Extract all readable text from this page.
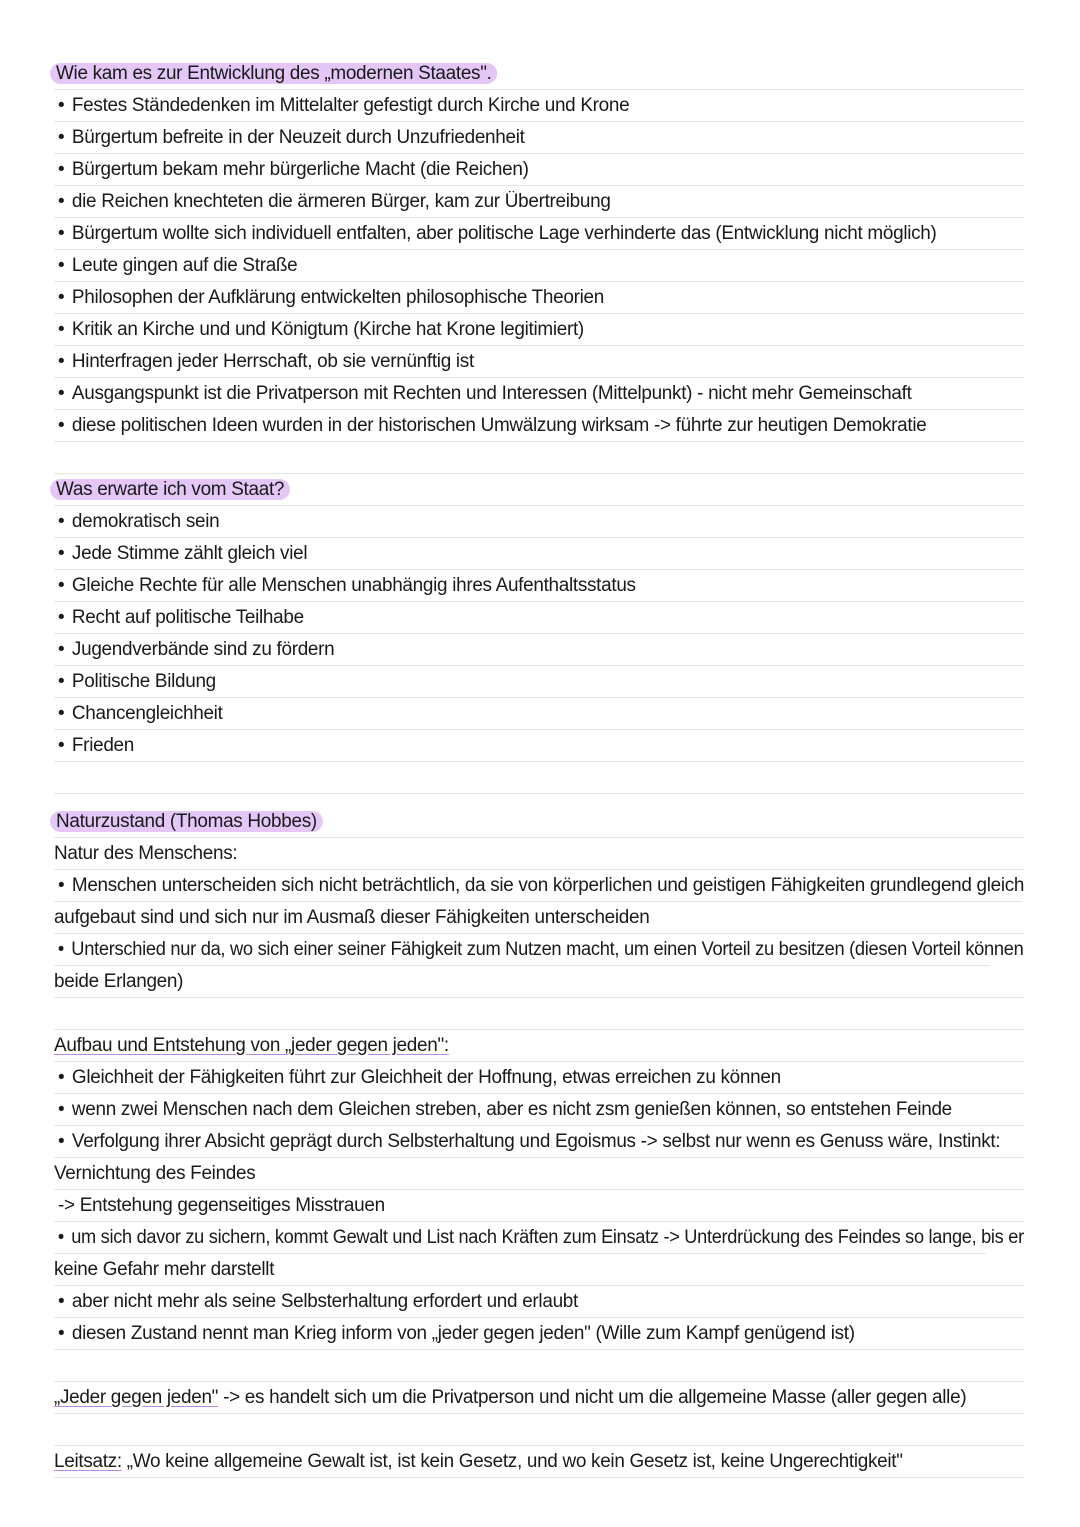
Wie kam es zur Entwicklung des „modernen Staates".
• Festes Ständedenken im Mittelalter gefestigt durch Kirche und Krone
• Bürgertum befreite in der Neuzeit durch Unzufriedenheit
• Bürgertum bekam mehr bürgerliche Macht (die Reichen)
• die Reichen knechteten die ärmeren Bürger, kam zur Übertreibung
• Bürgertum wollte sich individuell entfalten, aber politische Lage verhinderte das (Entwicklung nicht möglich)
• Leute gingen auf die Straße
• Philosophen der Aufklärung entwickelten philosophische Theorien
• Kritik an Kirche und und Königtum (Kirche hat Krone legitimiert)
• Hinterfragen jeder Herrschaft, ob sie vernünftig ist
• Ausgangspunkt ist die Privatperson mit Rechten und Interessen (Mittelpunkt) - nicht mehr Gemeinschaft
• diese politischen Ideen wurden in der historischen Umwälzung wirksam -> führte zur heutigen Demokratie
Was erwarte ich vom Staat?
• demokratisch sein
• Jede Stimme zählt gleich viel
• Gleiche Rechte für alle Menschen unabhängig ihres Aufenthaltsstatus
• Recht auf politische Teilhabe
• Jugendverbände sind zu fördern
• Politische Bildung
• Chancengleichheit
• Frieden
Naturzustand (Thomas Hobbes)
Natur des Menschens:
• Menschen unterscheiden sich nicht beträchtlich, da sie von körperlichen und geistigen Fähigkeiten grundlegend gleich
aufgebaut sind und sich nur im Ausmaß dieser Fähigkeiten unterscheiden
• Unterschied nur da, wo sich einer seiner Fähigkeit zum Nutzen macht, um einen Vorteil zu besitzen (diesen Vorteil können
beide Erlangen)
Aufbau und Entstehung von „jeder gegen jeden":
• Gleichheit der Fähigkeiten führt zur Gleichheit der Hoffnung, etwas erreichen zu können
• wenn zwei Menschen nach dem Gleichen streben, aber es nicht zsm genießen können, so entstehen Feinde
• Verfolgung ihrer Absicht geprägt durch Selbsterhaltung und Egoismus -> selbst nur wenn es Genuss wäre, Instinkt:
Vernichtung des Feindes
-> Entstehung gegenseitiges Misstrauen
• um sich davor zu sichern, kommt Gewalt und List nach Kräften zum Einsatz -> Unterdrückung des Feindes so lange, bis er
keine Gefahr mehr darstellt
• aber nicht mehr als seine Selbsterhaltung erfordert und erlaubt
• diesen Zustand nennt man Krieg inform von „jeder gegen jeden" (Wille zum Kampf genügend ist)
„Jeder gegen jeden" -> es handelt sich um die Privatperson und nicht um die allgemeine Masse (aller gegen alle)
Leitsatz: „Wo keine allgemeine Gewalt ist, ist kein Gesetz, und wo kein Gesetz ist, keine Ungerechtigkeit"
